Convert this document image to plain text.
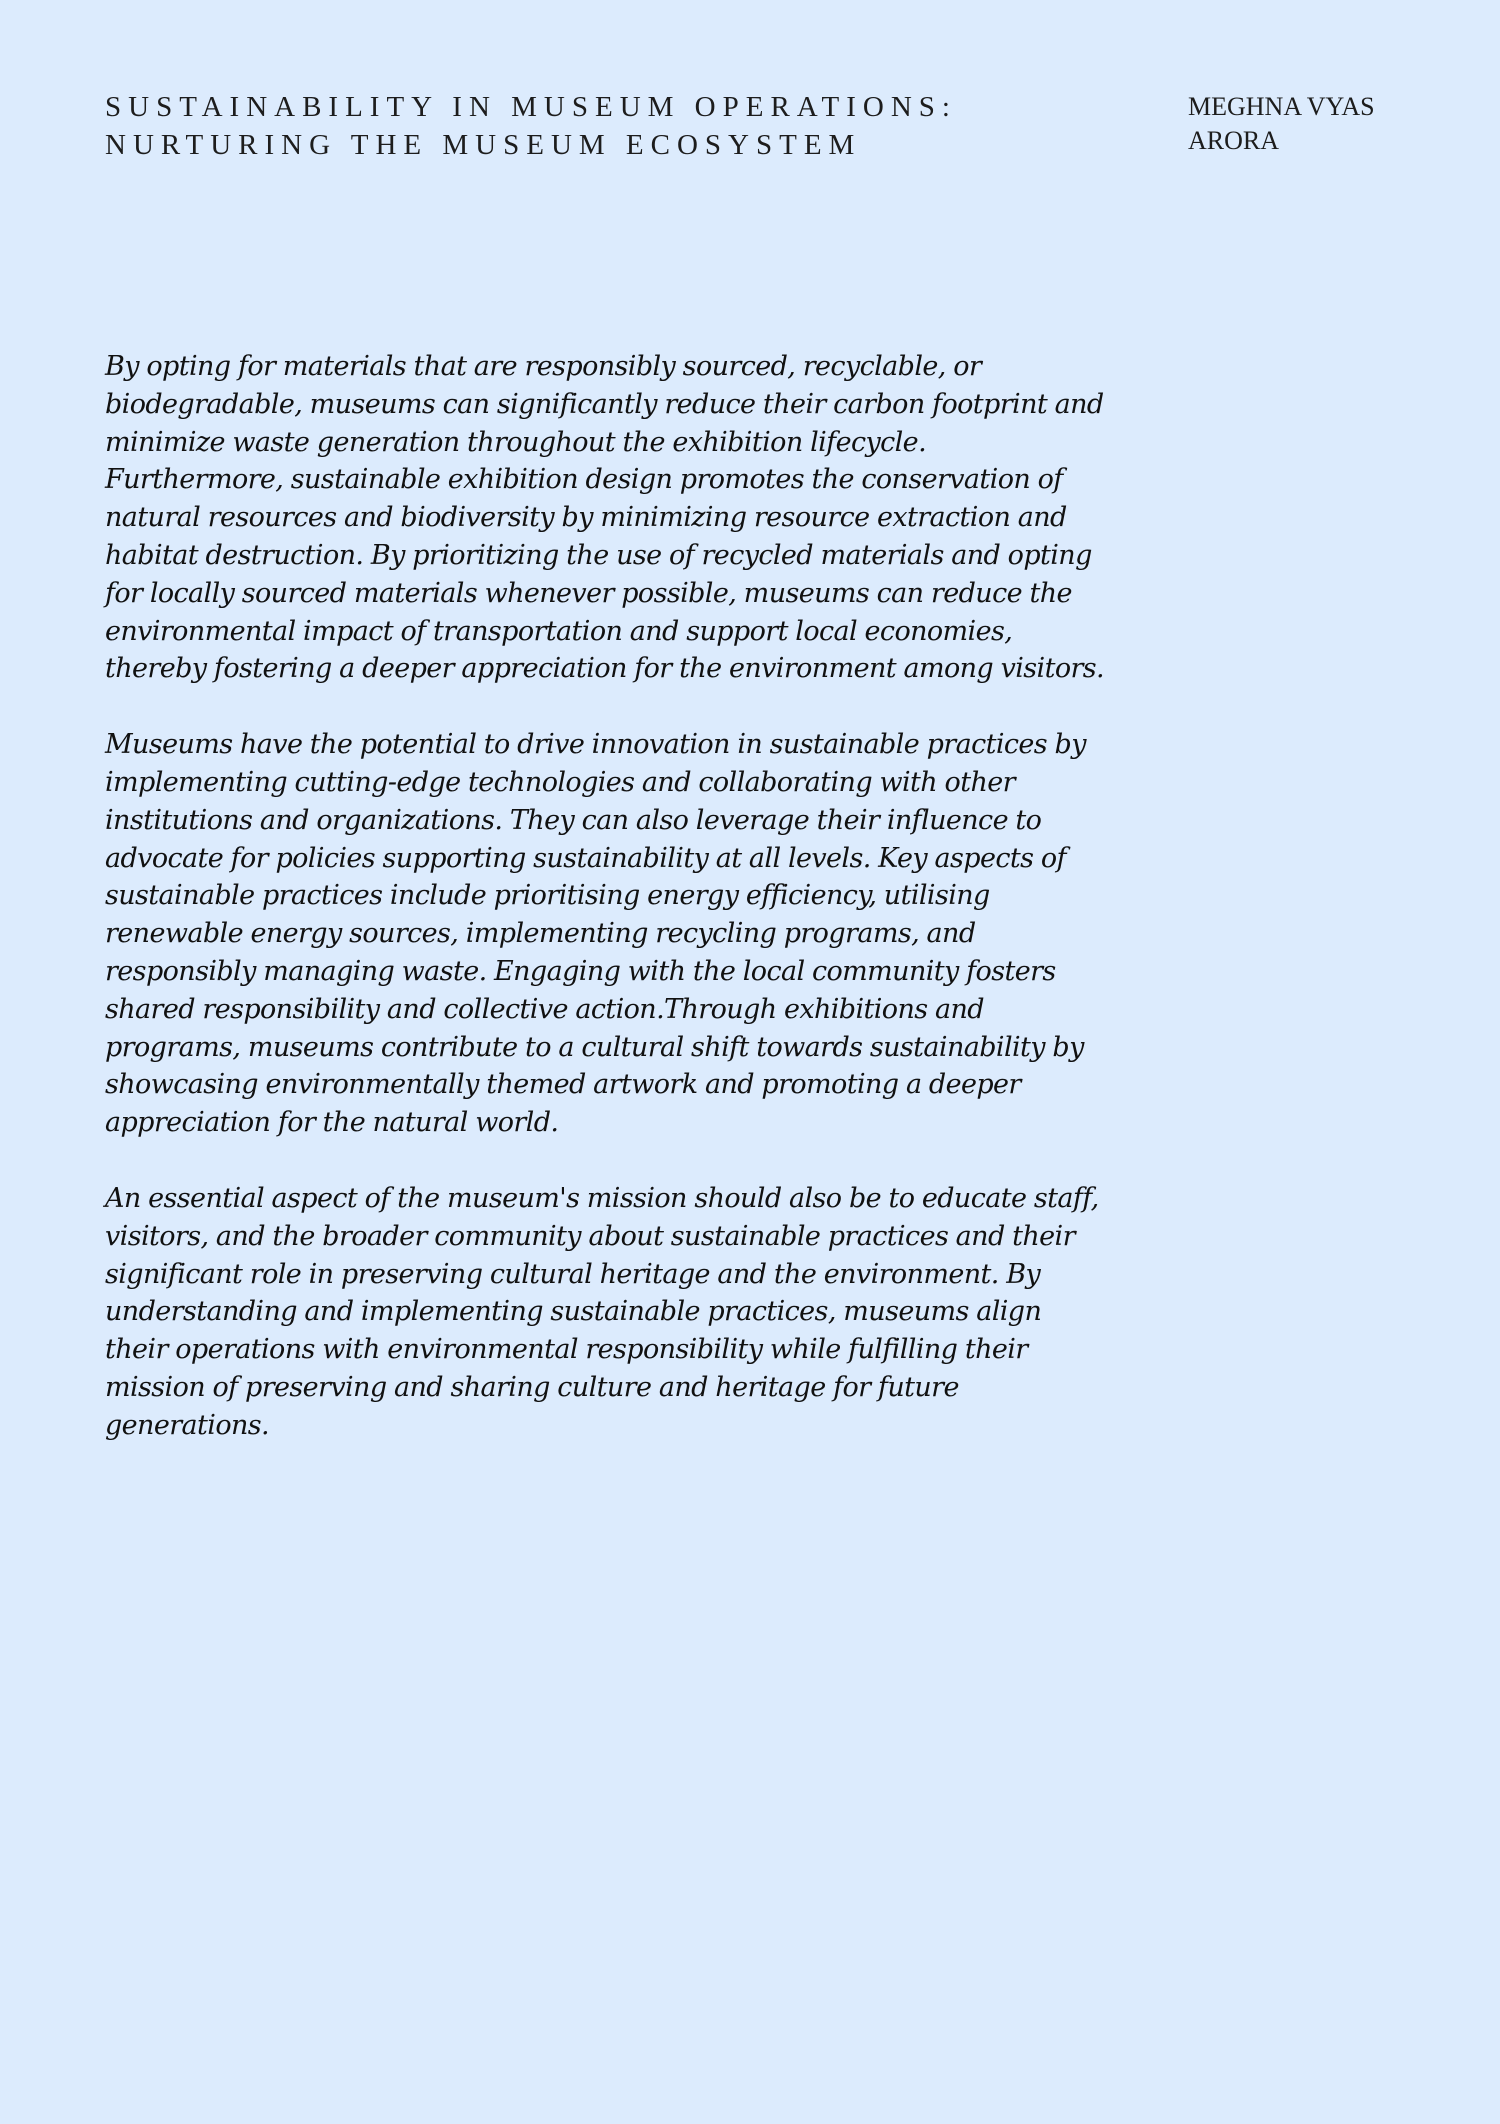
SUSTAINABILITY IN MUSEUM OPERATIONS: NURTURING THE MUSEUM ECOSYSTEM
MEGHNA VYAS ARORA

By opting for materials that are responsibly sourced, recyclable, or biodegradable, museums can significantly reduce their carbon footprint and minimize waste generation throughout the exhibition lifecycle. Furthermore, sustainable exhibition design promotes the conservation of natural resources and biodiversity by minimizing resource extraction and habitat destruction. By prioritizing the use of recycled materials and opting for locally sourced materials whenever possible, museums can reduce the environmental impact of transportation and support local economies, thereby fostering a deeper appreciation for the environment among visitors.

Museums have the potential to drive innovation in sustainable practices by implementing cutting-edge technologies and collaborating with other institutions and organizations. They can also leverage their influence to advocate for policies supporting sustainability at all levels. Key aspects of sustainable practices include prioritising energy efficiency, utilising renewable energy sources, implementing recycling programs, and responsibly managing waste. Engaging with the local community fosters shared responsibility and collective action.Through exhibitions and programs, museums contribute to a cultural shift towards sustainability by showcasing environmentally themed artwork and promoting a deeper appreciation for the natural world.

An essential aspect of the museum's mission should also be to educate staff, visitors, and the broader community about sustainable practices and their significant role in preserving cultural heritage and the environment. By understanding and implementing sustainable practices, museums align their operations with environmental responsibility while fulfilling their mission of preserving and sharing culture and heritage for future generations.
